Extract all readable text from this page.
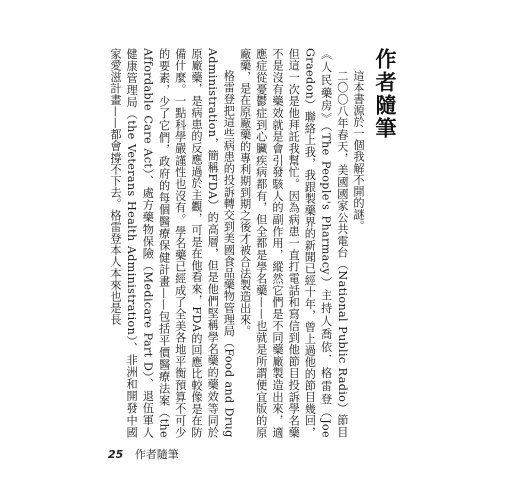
作者隨筆

這本書源於一個我解不開的謎。

二〇〇八年春天，美國國家公共電台（National Public Radio）節目《人民藥房》（The People's Pharmacy）主持人喬依．格雷登（Joe Graedon）聯絡上我，我跟製藥界的新聞已經十年，曾上過他的節目幾回，但這一次是他拜託我幫忙。因為病患一直打電話和寫信到他節目投訴學名藥不是沒有藥效就是會引發駭人的副作用，縱然它們是不同藥廠製造出來，適應症從憂鬱症到心臟疾病都有，但全都是學名藥——也就是所謂便宜版的原廠藥，是在原廠藥的專利期到期之後才被合法製造出來。

格雷登把這些病患的投訴轉交到美國食品藥物管理局（Food and Drug Administration，簡稱FDA）的高層，但是他們堅稱學名藥的藥效等同於原廠藥，是病患的反應過於主觀，可是在他看來，FDA的回應比較像是在防備什麼。一點科學嚴謹性也沒有。學名藥已經成了全美各地平衡預算不可少的要素，少了它們，政府的每個醫療保健計畫——包括平價醫療法案（the Affordable Care Act）、處方藥物保險（Medicare Part D）、退伍軍人健康管理局（the Veterans Health Administration）、非洲和開發中國家愛滋計畫——都會撐不下去。格雷登本人本來也是長

25 作者隨筆
